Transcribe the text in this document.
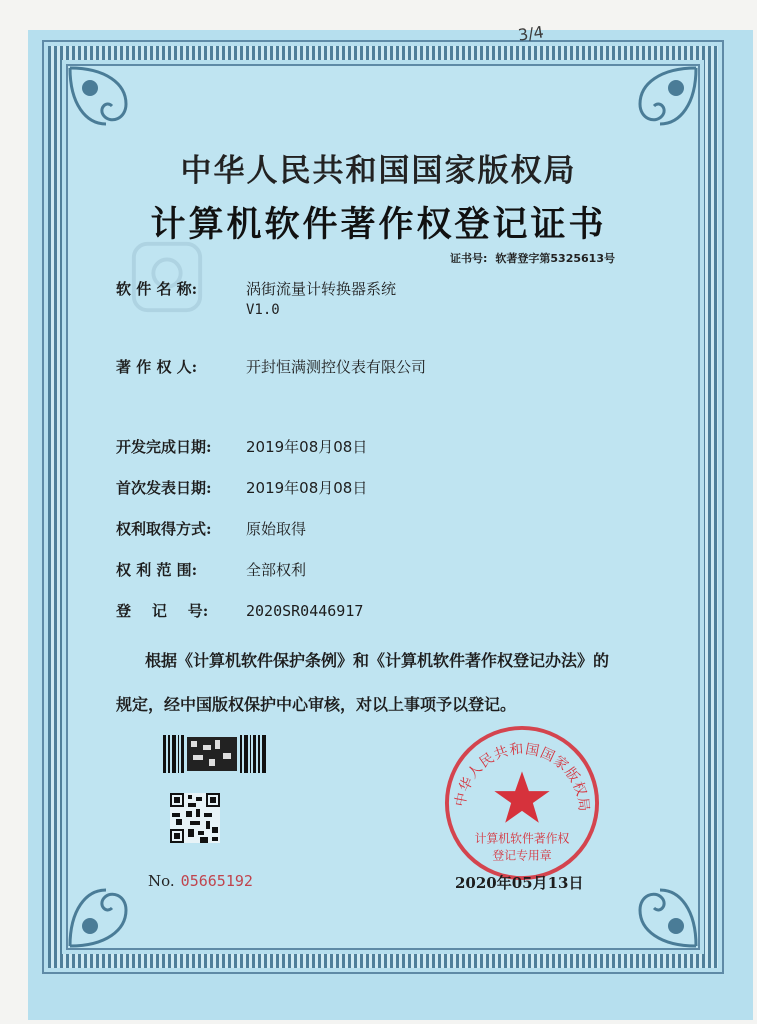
3/4
中华人民共和国国家版权局
计算机软件著作权登记证书
证书号: 软著登字第5325613号
软 件 名 称:	涡街流量计转换器系统
V1.0
著 作 权 人:	开封恒满测控仪表有限公司
开发完成日期: 2019年08月08日
首次发表日期: 2019年08月08日
权利取得方式: 原始取得
权 利 范 围:	全部权利
登    记    号:	2020SR0446917
根据《计算机软件保护条例》和《计算机软件著作权登记办法》的
规定，经中国版权保护中心审核，对以上事项予以登记。
No. 05665192
中华人民共和国国家版权局
计算机软件著作权
登记专用章
2020年05月13日
